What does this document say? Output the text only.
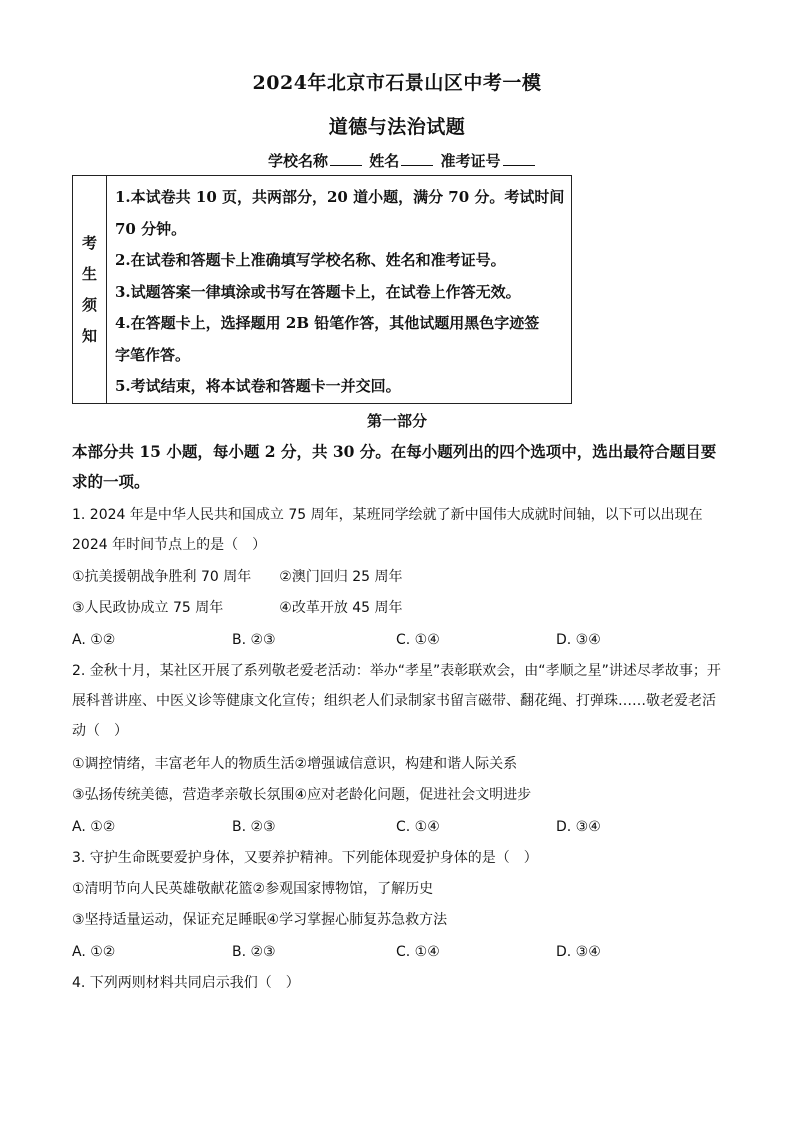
2024年北京市石景山区中考一模
道德与法治试题
学校名称	姓名	准考证号
考
生
须
知
1.本试卷共 10 页，共两部分，20 道小题，满分 70 分。考试时间
70 分钟。
2.在试卷和答题卡上准确填写学校名称、姓名和准考证号。
3.试题答案一律填涂或书写在答题卡上，在试卷上作答无效。
4.在答题卡上，选择题用 2B 铅笔作答，其他试题用黑色字迹签
字笔作答。
5.考试结束，将本试卷和答题卡一并交回。
第一部分
本部分共 15 小题，每小题 2 分，共 30 分。在每小题列出的四个选项中，选出最符合题目要求的一项。
1. 2024 年是中华人民共和国成立 75 周年，某班同学绘就了新中国伟大成就时间轴，以下可以出现在 2024 年时间节点上的是（　）
①抗美援朝战争胜利 70 周年　　②澳门回归 25 周年
③人民政协成立 75 周年　　　　④改革开放 45 周年
A. ①②	B. ②③	C. ①④	D. ③④
2. 金秋十月，某社区开展了系列敬老爱老活动：举办“孝星”表彰联欢会，由“孝顺之星”讲述尽孝故事；开展科普讲座、中医义诊等健康文化宣传；组织老人们录制家书留言磁带、翻花绳、打弹珠……敬老爱老活动（　）
①调控情绪，丰富老年人的物质生活②增强诚信意识，构建和谐人际关系
③弘扬传统美德，营造孝亲敬长氛围④应对老龄化问题，促进社会文明进步
A. ①②	B. ②③	C. ①④	D. ③④
3. 守护生命既要爱护身体，又要养护精神。下列能体现爱护身体的是（　）
①清明节向人民英雄敬献花篮②参观国家博物馆，了解历史
③坚持适量运动，保证充足睡眠④学习掌握心肺复苏急救方法
A. ①②	B. ②③	C. ①④	D. ③④
4. 下列两则材料共同启示我们（　）
